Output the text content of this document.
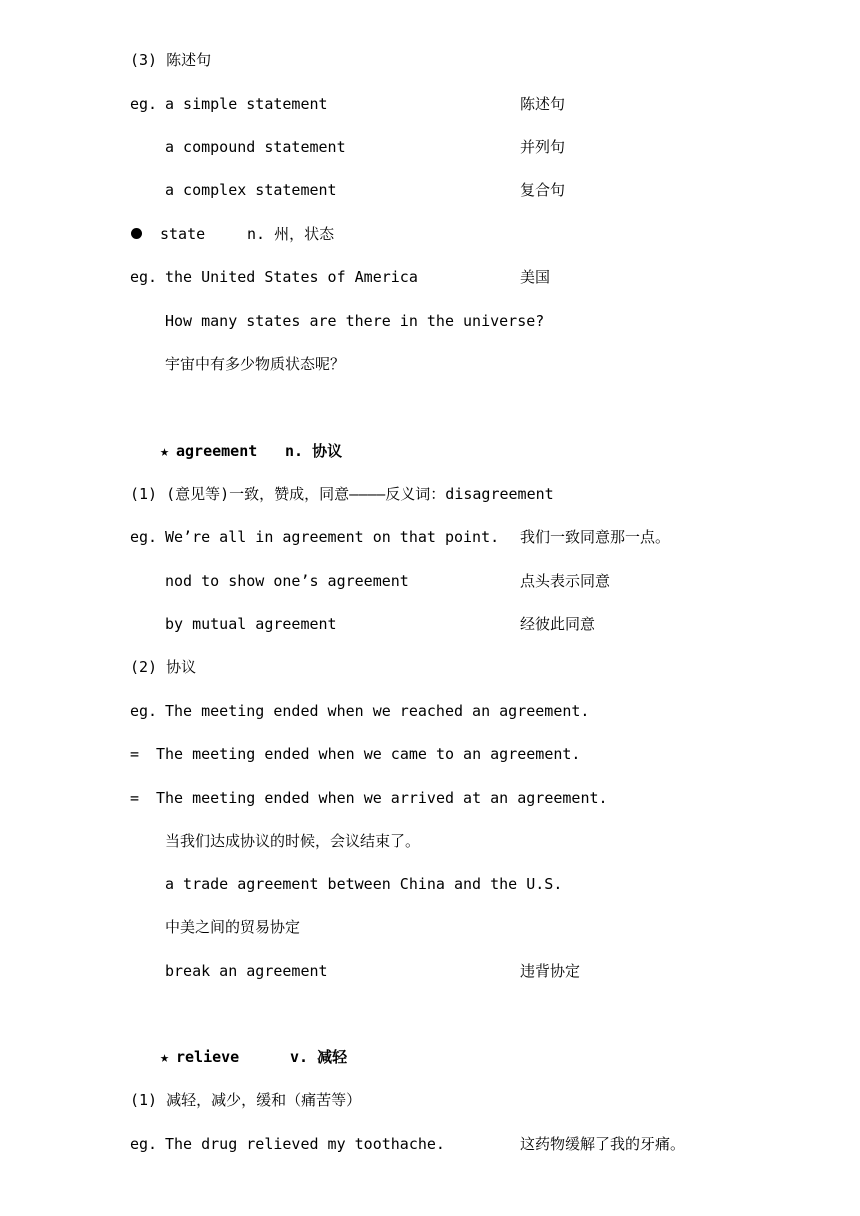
(3) 陈述句
eg. a simple statement	陈述句
a compound statement	并列句
a complex statement	复合句
state	n. 州，状态
eg. the United States of America	美国
How many states are there in the universe?
宇宙中有多少物质状态呢？
★ agreement n. 协议
(1) (意见等)一致，赞成，同意————反义词：disagreement
eg. We’re all in agreement on that point. 我们一致同意那一点。
nod to show one’s agreement	点头表示同意
by mutual agreement	经彼此同意
(2) 协议
eg. The meeting ended when we reached an agreement.
= The meeting ended when we came to an agreement.
= The meeting ended when we arrived at an agreement.
当我们达成协议的时候，会议结束了。
a trade agreement between China and the U.S.
中美之间的贸易协定
break an agreement	违背协定
★ relieve	v. 减轻
(1) 减轻，减少，缓和（痛苦等）
eg. The drug relieved my toothache.	这药物缓解了我的牙痛。
